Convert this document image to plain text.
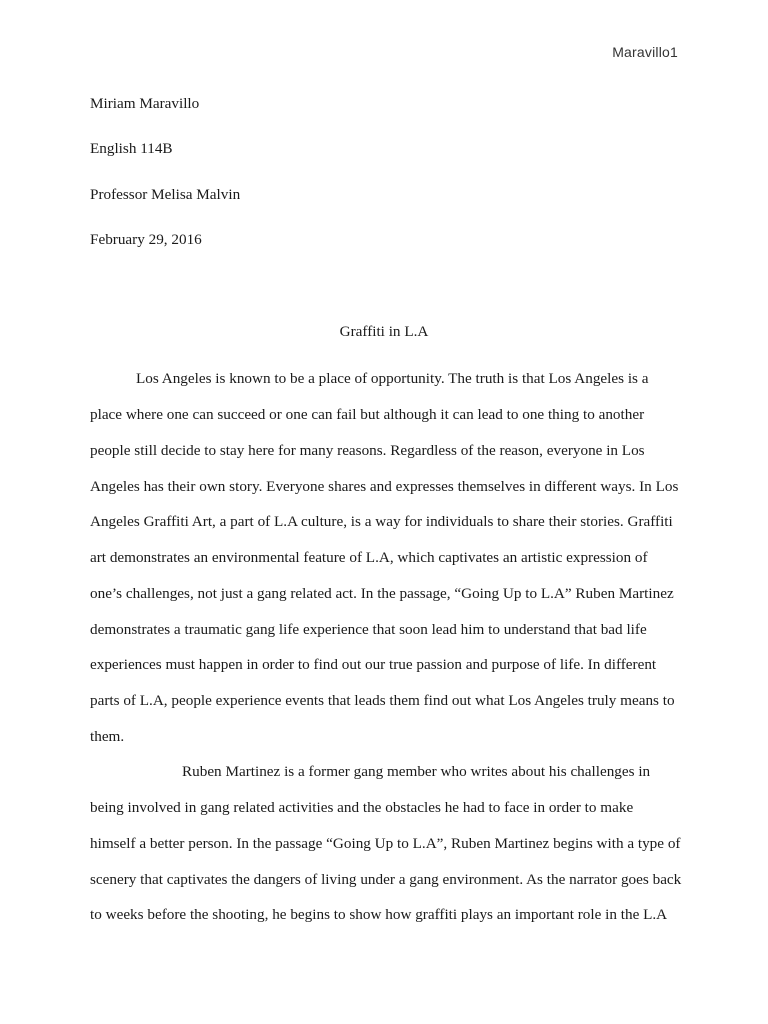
Maravillo1
Miriam Maravillo
English 114B
Professor Melisa Malvin
February 29, 2016
Graffiti in L.A
Los Angeles is known to be a place of opportunity. The truth is that Los Angeles is a
place where one can succeed or one can fail but although it can lead to one thing to another
people still decide to stay here for many reasons. Regardless of the reason, everyone in Los
Angeles has their own story. Everyone shares and expresses themselves in different ways. In Los
Angeles Graffiti Art, a part of L.A culture, is a way for individuals to share their stories. Graffiti
art demonstrates an environmental feature of L.A, which captivates an artistic expression of
one’s challenges, not just a gang related act. In the passage, “Going Up to L.A” Ruben Martinez
demonstrates a traumatic gang life experience that soon lead him to understand that bad life
experiences must happen in order to find out our true passion and purpose of life. In different
parts of L.A, people experience events that leads them find out what Los Angeles truly means to
them.
Ruben Martinez is a former gang member who writes about his challenges in
being involved in gang related activities and the obstacles he had to face in order to make
himself a better person. In the passage “Going Up to L.A”, Ruben Martinez begins with a type of
scenery that captivates the dangers of living under a gang environment. As the narrator goes back
to weeks before the shooting, he begins to show how graffiti plays an important role in the L.A
